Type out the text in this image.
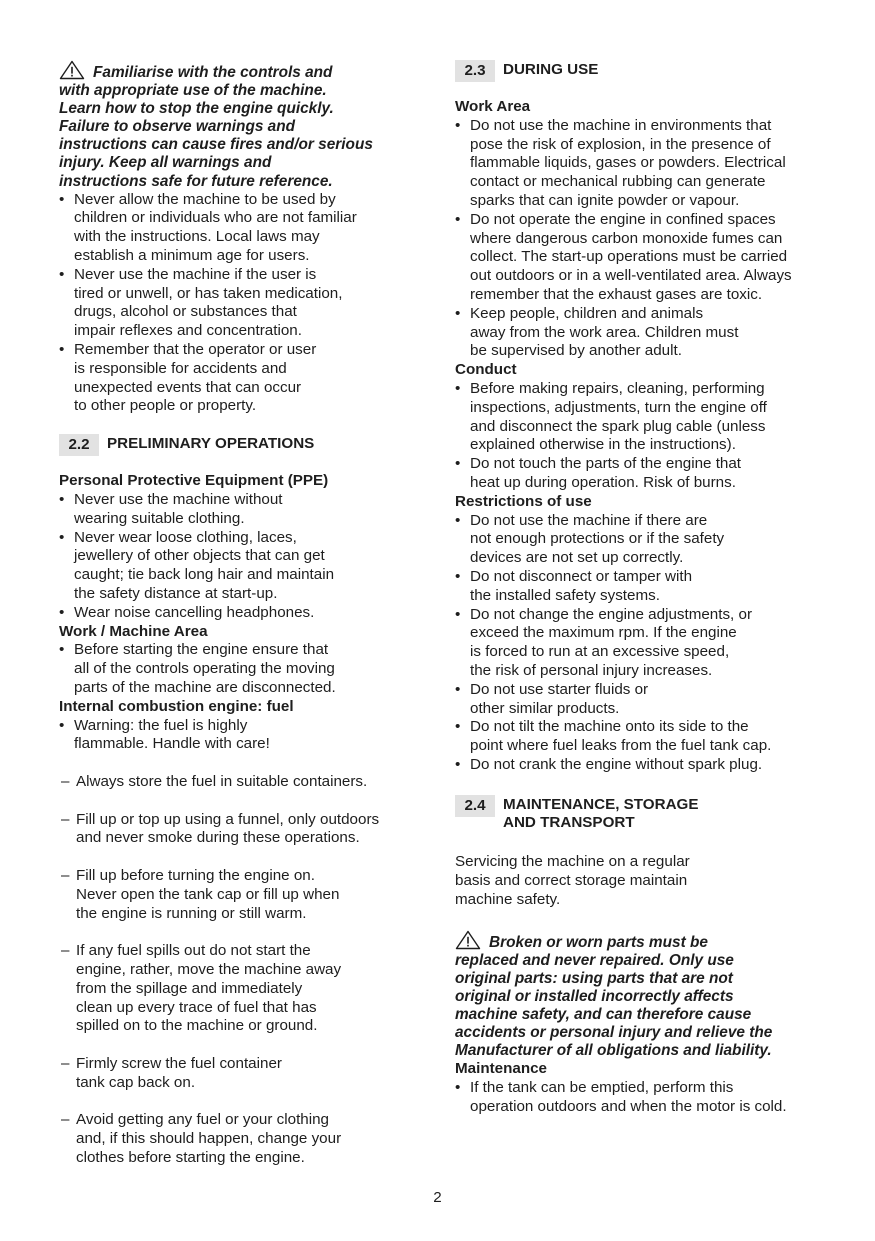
Familiarise with the controls and
with appropriate use of the machine.
Learn how to stop the engine quickly.
Failure to observe warnings and
instructions can cause fires and/or serious
injury. Keep all warnings and
instructions safe for future reference.

• Never allow the machine to be used by
children or individuals who are not familiar
with the instructions. Local laws may
establish a minimum age for users.
• Never use the machine if the user is
tired or unwell, or has taken medication,
drugs, alcohol or substances that
impair reflexes and concentration.
• Remember that the operator or user
is responsible for accidents and
unexpected events that can occur
to other people or property.
2.2	PRELIMINARY OPERATIONS

Personal Protective Equipment (PPE)

• Never use the machine without
wearing suitable clothing.
• Never wear loose clothing, laces,
jewellery of other objects that can get
caught; tie back long hair and maintain
the safety distance at start-up.
• Wear noise cancelling headphones.

Work / Machine Area

• Before starting the engine ensure that
all of the controls operating the moving
parts of the machine are disconnected.

Internal combustion engine: fuel

• Warning: the fuel is highly
flammable. Handle with care!

– Always store the fuel in suitable containers.

– Fill up or top up using a funnel, only outdoors
and never smoke during these operations.

– Fill up before turning the engine on.
Never open the tank cap or fill up when
the engine is running or still warm.

– If any fuel spills out do not start the
engine, rather, move the machine away
from the spillage and immediately
clean up every trace of fuel that has
spilled on to the machine or ground.

– Firmly screw the fuel container
tank cap back on.

– Avoid getting any fuel or your clothing
and, if this should happen, change your
clothes before starting the engine.

2.3	DURING USE

Work Area

• Do not use the machine in environments that
pose the risk of explosion, in the presence of
flammable liquids, gases or powders. Electrical
contact or mechanical rubbing can generate
sparks that can ignite powder or vapour.
• Do not operate the engine in confined spaces
where dangerous carbon monoxide fumes can
collect. The start-up operations must be carried
out outdoors or in a well-ventilated area. Always
remember that the exhaust gases are toxic.
• Keep people, children and animals
away from the work area. Children must
be supervised by another adult.

Conduct

• Before making repairs, cleaning, performing
inspections, adjustments, turn the engine off
and disconnect the spark plug cable (unless
explained otherwise in the instructions).
• Do not touch the parts of the engine that
heat up during operation. Risk of burns.

Restrictions of use

• Do not use the machine if there are
not enough protections or if the safety
devices are not set up correctly.
• Do not disconnect or tamper with
the installed safety systems.
• Do not change the engine adjustments, or
exceed the maximum rpm. If the engine
is forced to run at an excessive speed,
the risk of personal injury increases.
• Do not use starter fluids or
other similar products.
• Do not tilt the machine onto its side to the
point where fuel leaks from the fuel tank cap.
• Do not crank the engine without spark plug.
2.4	MAINTENANCE, STORAGE
AND TRANSPORT

Servicing the machine on a regular
basis and correct storage maintain
machine safety.

Broken or worn parts must be
replaced and never repaired. Only use
original parts: using parts that are not
original or installed incorrectly affects
machine safety, and can therefore cause
accidents or personal injury and relieve the
Manufacturer of all obligations and liability.

Maintenance

• If the tank can be emptied, perform this
operation outdoors and when the motor is cold.
2
